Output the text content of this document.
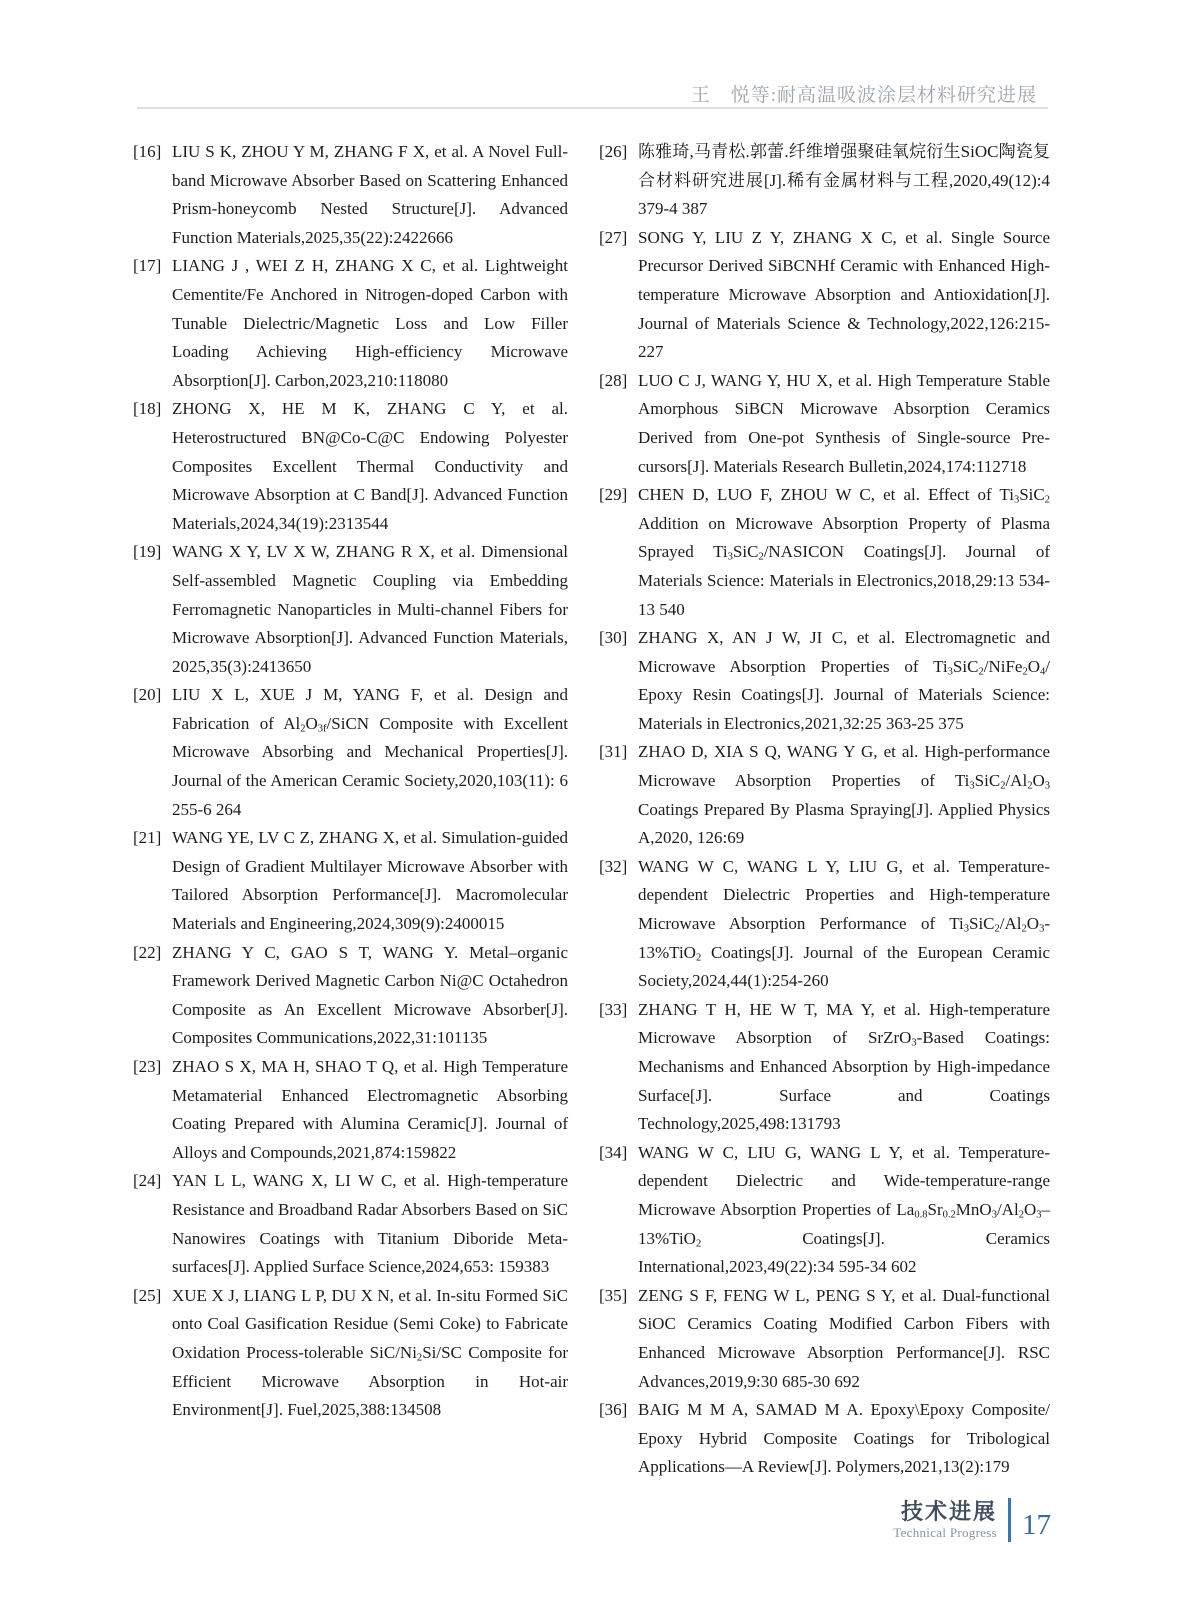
王　悦等:耐高温吸波涂层材料研究进展
[16] LIU S K, ZHOU Y M, ZHANG F X, et al. A Novel Full-band Microwave Absorber Based on Scattering Enhanced Prism-honeycomb Nested Structure[J]. Advanced Function Materials,2025,35(22):2422666
[17] LIANG J , WEI Z H, ZHANG X C, et al. Lightweight Cementite/Fe Anchored in Nitrogen-doped Carbon with Tunable Dielectric/Magnetic Loss and Low Filler Loading Achieving High-efficiency Microwave Absorption[J]. Carbon,2023,210:118080
[18] ZHONG X, HE M K, ZHANG C Y, et al. Heterostructured BN@Co-C@C Endowing Polyester Composites Excellent Thermal Conductivity and Microwave Absorption at C Band[J]. Advanced Function Materials,2024,34(19):2313544
[19] WANG X Y, LV X W, ZHANG R X, et al. Dimensional Self-assembled Magnetic Coupling via Embedding Ferromagnetic Nanoparticles in Multi-channel Fibers for Microwave Absorption[J]. Advanced Function Materials, 2025,35(3):2413650
[20] LIU X L, XUE J M, YANG F, et al. Design and Fabrication of $Al_2O_{3f}$/SiCN Composite with Excellent Microwave Absorbing and Mechanical Properties[J]. Journal of the American Ceramic Society,2020,103(11): 6 255-6 264
[21] WANG YE, LV C Z, ZHANG X, et al. Simulation-guided Design of Gradient Multilayer Microwave Absorber with Tailored Absorption Performance[J]. Macromolecular Materials and Engineering,2024,309(9):2400015
[22] ZHANG Y C, GAO S T, WANG Y. Metal–organic Framework Derived Magnetic Carbon Ni@C Octahedron Composite as An Excellent Microwave Absorber[J]. Composites Communications,2022,31:101135
[23] ZHAO S X, MA H, SHAO T Q, et al. High Temperature Metamaterial Enhanced Electromagnetic Absorbing Coating Prepared with Alumina Ceramic[J]. Journal of Alloys and Compounds,2021,874:159822
[24] YAN L L, WANG X, LI W C, et al. High-temperature Resistance and Broadband Radar Absorbers Based on SiC Nanowires Coatings with Titanium Diboride Meta-surfaces[J]. Applied Surface Science,2024,653: 159383
[25] XUE X J, LIANG L P, DU X N, et al. In-situ Formed SiC onto Coal Gasification Residue (Semi Coke) to Fabricate Oxidation Process-tolerable SiC/$Ni_2Si/SC$ Composite for Efficient Microwave Absorption in Hot-air Environment[J]. Fuel,2025,388:134508
[26] 陈雅琦,马青松.郭蕾.纤维增强聚硅氧烷衍生SiOC陶瓷复合材料研究进展[J].稀有金属材料与工程,2020,49(12):4 379-4 387
[27] SONG Y, LIU Z Y, ZHANG X C, et al. Single Source Precursor Derived SiBCNHf Ceramic with Enhanced High-temperature Microwave Absorption and Antioxidation[J]. Journal of Materials Science & Technology,2022,126:215-227
[28] LUO C J, WANG Y, HU X, et al. High Temperature Stable Amorphous SiBCN Microwave Absorption Ceramics Derived from One-pot Synthesis of Single-source Pre-cursors[J]. Materials Research Bulletin,2024,174:112718
[29] CHEN D, LUO F, ZHOU W C, et al. Effect of $Ti_3SiC_2$ Addition on Microwave Absorption Property of Plasma Sprayed $Ti_3SiC_2$/NASICON Coatings[J]. Journal of Materials Science: Materials in Electronics,2018,29:13 534-13 540
[30] ZHANG X, AN J W, JI C, et al. Electromagnetic and Microwave Absorption Properties of $Ti_3SiC_2/NiFe_2O_4/$ Epoxy Resin Coatings[J]. Journal of Materials Science: Materials in Electronics,2021,32:25 363-25 375
[31] ZHAO D, XIA S Q, WANG Y G, et al. High-performance Microwave Absorption Properties of $Ti_3SiC_2/Al_2O_3$ Coatings Prepared By Plasma Spraying[J]. Applied Physics A,2020, 126:69
[32] WANG W C, WANG L Y, LIU G, et al. Temperature-dependent Dielectric Properties and High-temperature Microwave Absorption Performance of $Ti_3SiC_2/Al_2O_3-13\%TiO_2$ Coatings[J]. Journal of the European Ceramic Society,2024,44(1):254-260
[33] ZHANG T H, HE W T, MA Y, et al. High-temperature Microwave Absorption of SrZrO$_3$-Based Coatings: Mechanisms and Enhanced Absorption by High-impedance Surface[J]. Surface and Coatings Technology,2025,498:131793
[34] WANG W C, LIU G, WANG L Y, et al. Temperature-dependent Dielectric and Wide-temperature-range Microwave Absorption Properties of $La_{0.8}Sr_{0.2}MnO_3/Al_2O_3-13\%TiO_2$ Coatings[J]. Ceramics International,2023,49(22):34 595-34 602
[35] ZENG S F, FENG W L, PENG S Y, et al. Dual-functional SiOC Ceramics Coating Modified Carbon Fibers with Enhanced Microwave Absorption Performance[J]. RSC Advances,2019,9:30 685-30 692
[36] BAIG M M A, SAMAD M A. Epoxy\Epoxy Composite/ Epoxy Hybrid Composite Coatings for Tribological Applications—A Review[J]. Polymers,2021,13(2):179
技术进展
Technical Progress 17
